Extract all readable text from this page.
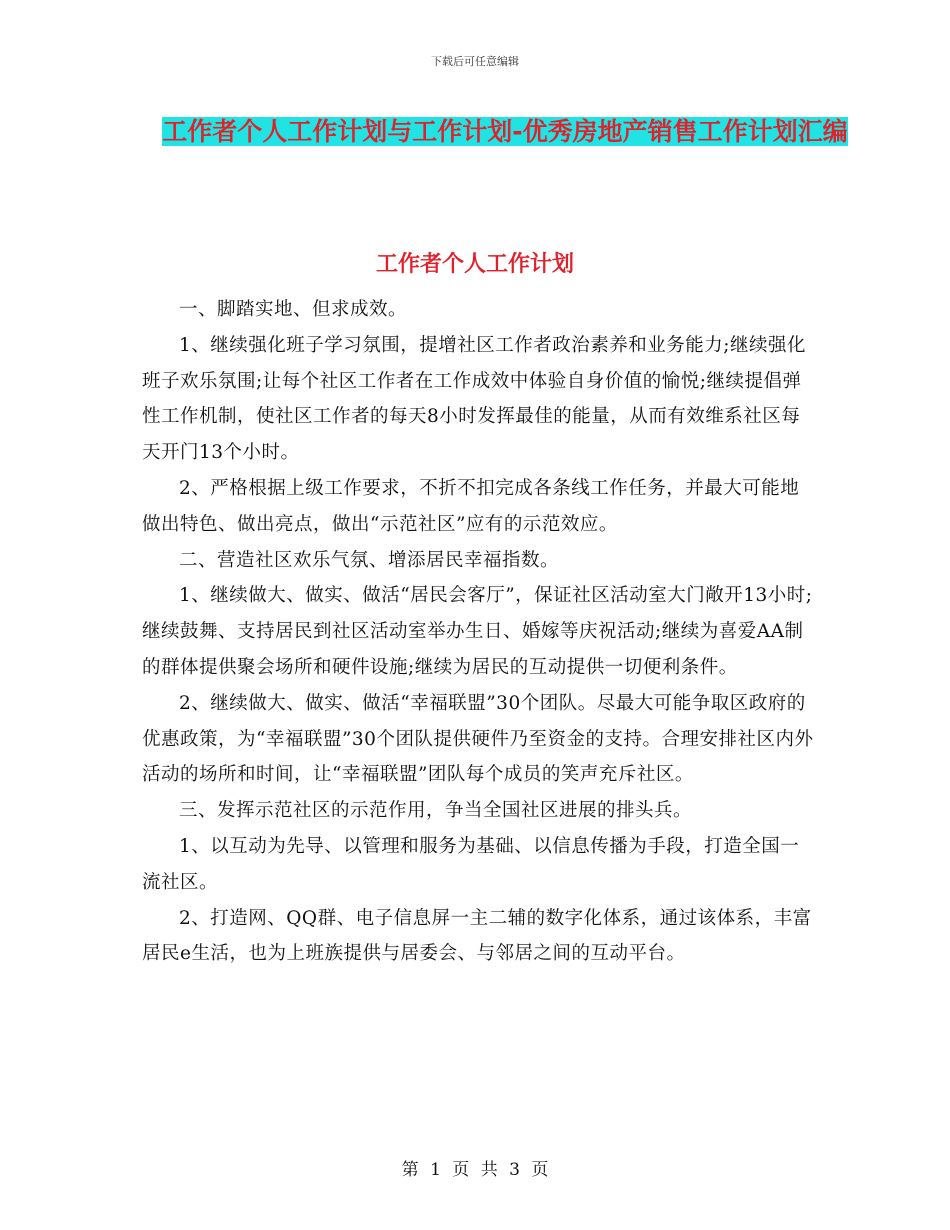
下载后可任意编辑
工作者个人工作计划与工作计划-优秀房地产销售工作计划汇编
工作者个人工作计划

一、脚踏实地、但求成效。

1、继续强化班子学习氛围，提增社区工作者政治素养和业务能力;继续强化班子欢乐氛围;让每个社区工作者在工作成效中体验自身价值的愉悦;继续提倡弹性工作机制，使社区工作者的每天8小时发挥最佳的能量，从而有效维系社区每天开门13个小时。

2、严格根据上级工作要求，不折不扣完成各条线工作任务，并最大可能地做出特色、做出亮点，做出“示范社区”应有的示范效应。

二、营造社区欢乐气氛、增添居民幸福指数。

1、继续做大、做实、做活“居民会客厅”，保证社区活动室大门敞开13小时;继续鼓舞、支持居民到社区活动室举办生日、婚嫁等庆祝活动;继续为喜爱AA制的群体提供聚会场所和硬件设施;继续为居民的互动提供一切便利条件。

2、继续做大、做实、做活“幸福联盟”30个团队。尽最大可能争取区政府的优惠政策，为“幸福联盟”30个团队提供硬件乃至资金的支持。合理安排社区内外活动的场所和时间，让“幸福联盟”团队每个成员的笑声充斥社区。

三、发挥示范社区的示范作用，争当全国社区进展的排头兵。

1、以互动为先导、以管理和服务为基础、以信息传播为手段，打造全国一流社区。

2、打造网、QQ群、电子信息屏一主二辅的数字化体系，通过该体系，丰富居民e生活，也为上班族提供与居委会、与邻居之间的互动平台。

第 1 页 共 3 页
